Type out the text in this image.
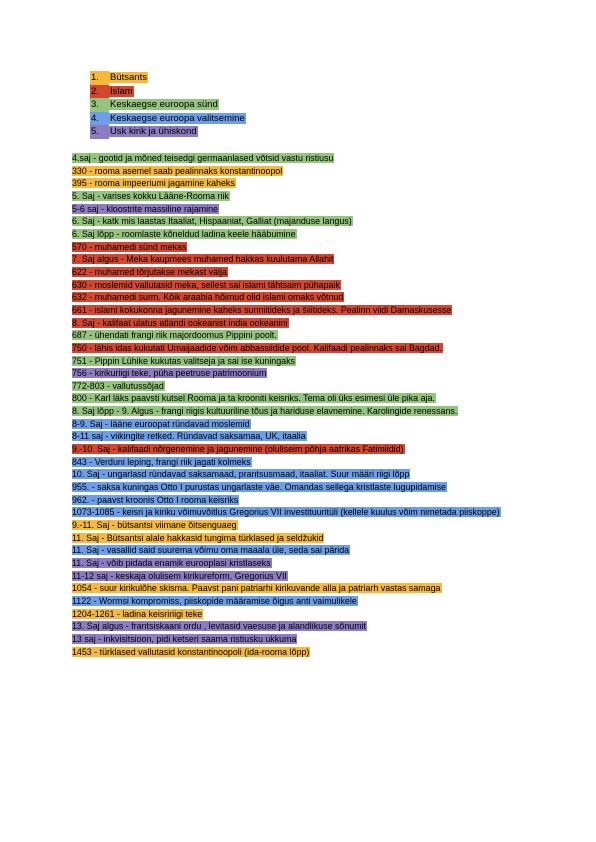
1. Bütsants
2. Islam
3. Keskaegse euroopa sünd
4. Keskaegse euroopa valitsemine
5. Usk kirik ja ühiskond
4.saj - gootid ja mõned teisedgi germaanlased võtsid vastu ristiusu
330 - rooma asemel saab pealinnaks konstantinoopol
395 - rooma impeeriumi jagamine kaheks
5. Saj - varises kokku Lääne-Rooma riik
5-6 saj - kloostrite massiline rajamine
6. Saj - katk mis laastas Itaaliat, Hispaaniat, Galliat (majanduse langus)
6. Saj lõpp - roomlaste kõneldud ladina keele hääbumine
570 - muhamedi sünd mekas
7. Saj algus - Meka kaupmees muhamed hakkas kuulutama Allahit
622 - muhamed tõrjutakse mekast välja
630 - moslemid vallutasid meka, sellest sai islami tähtsaim pühapaik
632 - muhamedi surm. Kõik araabia hõimud olid islami omaks võtnud
661 - islami kokukonna jagunemine kaheks sunniitideks ja šiiitideks. Pealinn viidi Damaskusesse
8. Saj - kalifaat ulatus atlandi ookeanist india ookeanini
687 - ühendati frangi riik majordoomus Pippini poolt.
750 - lähis idas kukutati Umaijaadide võim abbassiidide pool. Kalifaadi pealinnaks sai Bagdad.
751 - Pippin Lühike kukutas valitseja ja sai ise kuningaks
756 - kirikuriigi teke, püha peetruse patrimoonium
772-803 - vallutussõjad
800 - Karl läks paavsti kutsel Rooma ja ta krooniti keisriks. Tema oli üks esimesi üle pika aja.
8. Saj lõpp - 9. Algus - frangi riigis kultuuriline tõus ja hariduse elavnemine. Karolingide renessans.
8-9. Saj - lääne euroopat ründavad moslemid
8-11 saj - viikingite retked. Ründavad saksamaa, UK, itaalia
9.-10. Saj - kalifaadi nõrgenemine ja jagunemine (oluliseim põhja aafrikas Fatimiidid)
843 - Verduni leping, frangi riik jagati kolmeks
10. Saj - ungarlasd ründavad saksamaad, prantsusmaad, itaaliat. Suur määri riigi lõpp
955. - saksa kuningas Otto I purustas ungarlaste väe. Omandas sellega kristlaste lugupidamise
962. - paavst kroonis Otto I rooma keisriks
1073-1085 - keisri ja kiriku võimuvõitlus Gregorius VII investituuritüli (kellele kuulus võim nimetada piiskoppe)
9.-11. Saj - bütsantsi viimane õitsenguaeg
11. Saj - Bütsantsi alale hakkasid tungima türklased ja seldžukid
11. Saj - vasallid said suurema võimu oma maaala üle, seda sai pärida
11. Saj - võib pidada enamik eurooplasi kristlaseks
11-12 saj - keskaja olulisem kirikureform, Gregorius VII
1054 - suur kirikulõhe skisma. Paavst pani patriarhi kirikuvande alla ja patriarh vastas samaga
1122 - Wormsi kompromiss, piiskopide määramise õigus anti vaimulikele
1204-1261 - ladina keisririigi teke
13. Saj algus - frantsiskaani ordu , levitasid vaesuse ja alandlikuse sõnumit
13 saj - inkvisitsioon, pidi ketseri saama ristiusku ukkuma
1453 - türklased vallutasid konstantinoopoli (ida-rooma lõpp)
